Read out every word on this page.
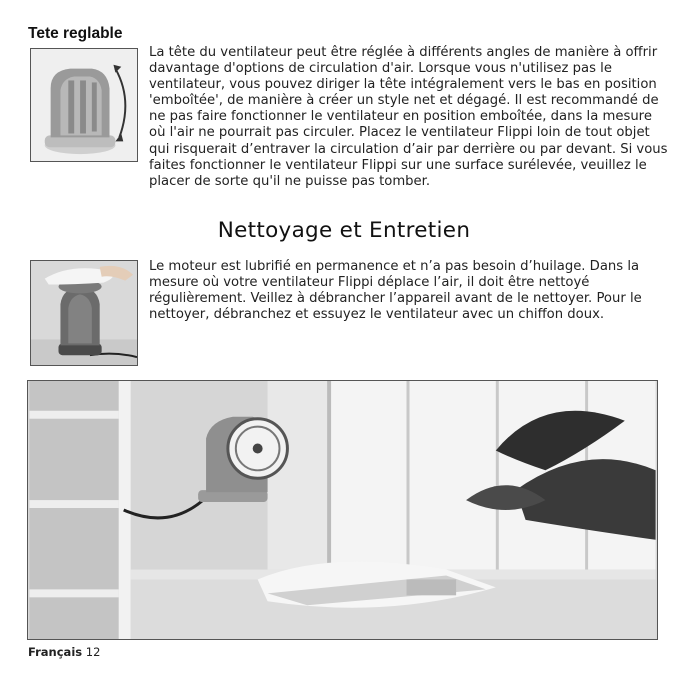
Tete reglable
La tête du ventilateur peut être réglée à différents angles de manière à offrir davantage d'options de circulation d'air. Lorsque vous n'utilisez pas le ventilateur, vous pouvez diriger la tête intégralement vers le bas en position 'emboîtée', de manière à créer un style net et dégagé. Il est recommandé de ne pas faire fonctionner le ventilateur en position emboîtée, dans la mesure où l'air ne pourrait pas circuler. Placez le ventilateur Flippi loin de tout objet qui risquerait d’entraver la circulation d’air par derrière ou par devant. Si vous faites fonctionner le ventilateur Flippi sur une surface surélevée, veuillez le placer de sorte qu'il ne puisse pas tomber.
Nettoyage et Entretien
Le moteur est lubrifié en permanence et n’a pas besoin d’huilage. Dans la mesure où votre ventilateur Flippi déplace l’air, il doit être nettoyé régulièrement. Veillez à débrancher l’appareil avant de le nettoyer. Pour le nettoyer, débranchez et essuyez le ventilateur avec un chiffon doux.
Français 12
